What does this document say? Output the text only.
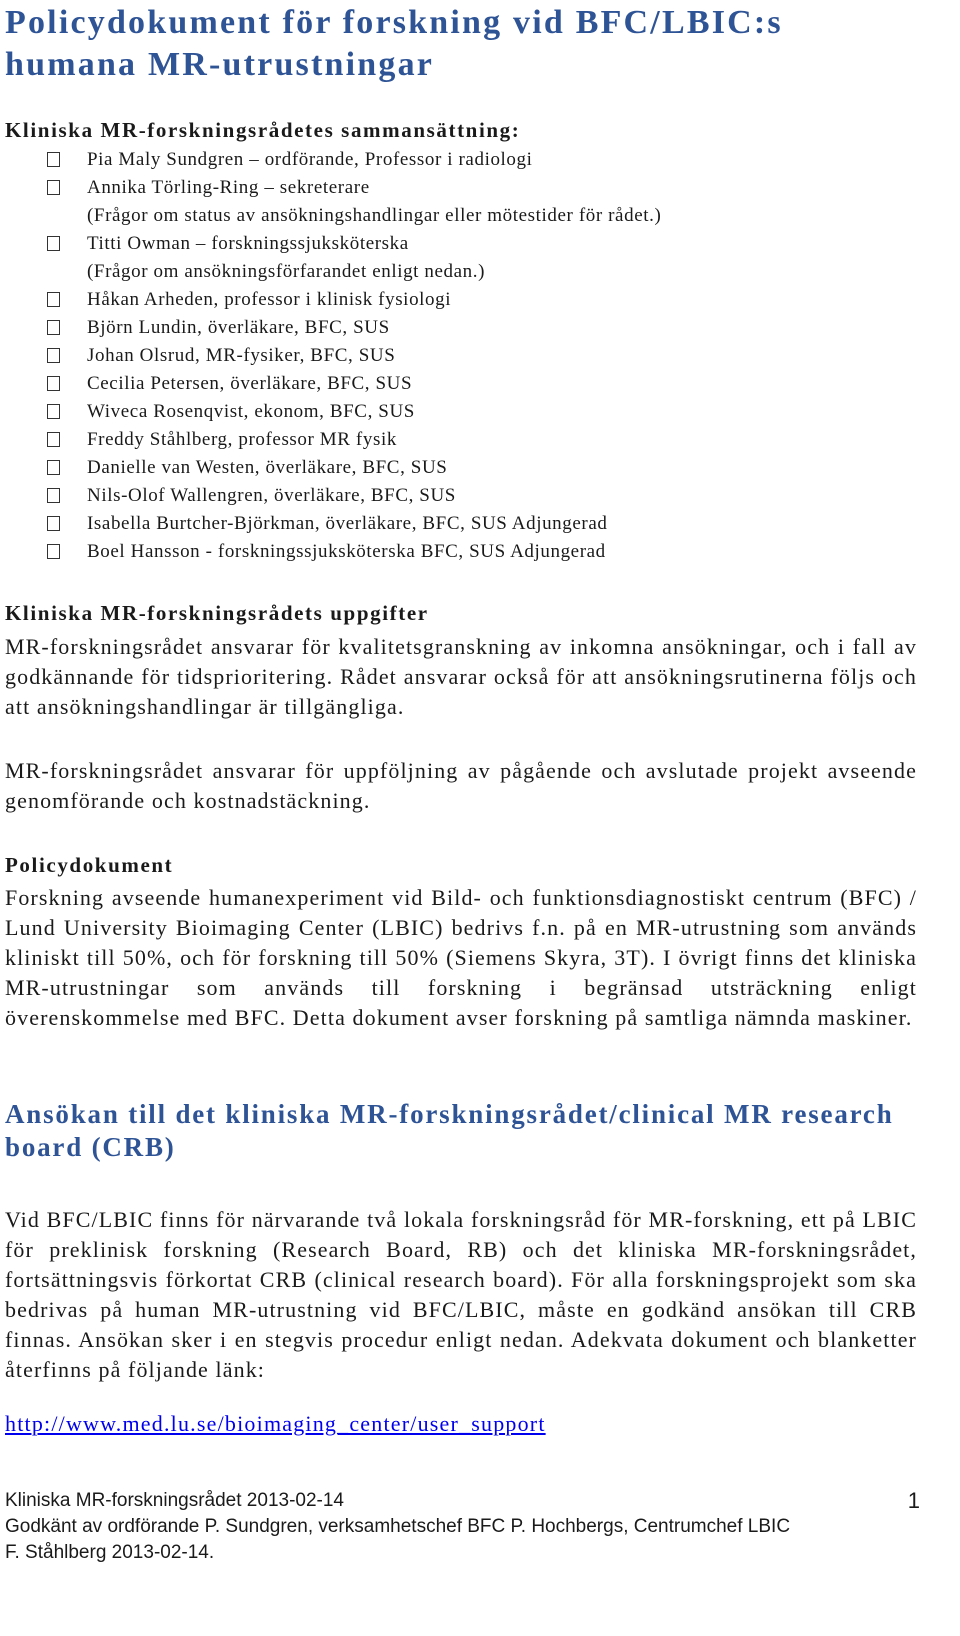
Policydokument för forskning vid BFC/LBIC:s humana MR-utrustningar
Kliniska MR-forskningsrådetes sammansättning:
Pia Maly Sundgren – ordförande, Professor i radiologi
Annika Törling-Ring – sekreterare
(Frågor om status av ansökningshandlingar eller mötestider för rådet.)
Titti Owman – forskningssjuksköterska
(Frågor om ansökningsförfarandet enligt nedan.)
Håkan Arheden, professor i klinisk fysiologi
Björn Lundin, överläkare, BFC, SUS
Johan Olsrud, MR-fysiker, BFC, SUS
Cecilia Petersen, överläkare, BFC, SUS
Wiveca Rosenqvist, ekonom, BFC, SUS
Freddy Ståhlberg, professor MR fysik
Danielle van Westen, överläkare, BFC, SUS
Nils-Olof Wallengren, överläkare, BFC, SUS
Isabella Burtcher-Björkman, överläkare, BFC, SUS Adjungerad
Boel Hansson - forskningssjuksköterska BFC, SUS Adjungerad
Kliniska MR-forskningsrådets uppgifter

MR-forskningsrådet ansvarar för kvalitetsgranskning av inkomna ansökningar, och i fall av godkännande för tidsprioritering. Rådet ansvarar också för att ansökningsrutinerna följs och att ansökningshandlingar är tillgängliga.

MR-forskningsrådet ansvarar för uppföljning av pågående och avslutade projekt avseende genomförande och kostnadstäckning.

Policydokument

Forskning avseende humanexperiment vid Bild- och funktionsdiagnostiskt centrum (BFC) / Lund University Bioimaging Center (LBIC) bedrivs f.n. på en MR-utrustning som används kliniskt till 50%, och för forskning till 50% (Siemens Skyra, 3T). I övrigt finns det kliniska MR-utrustningar som används till forskning i begränsad utsträckning enligt överenskommelse med BFC. Detta dokument avser forskning på samtliga nämnda maskiner.

Ansökan till det kliniska MR-forskningsrådet/clinical MR research board (CRB)

Vid BFC/LBIC finns för närvarande två lokala forskningsråd för MR-forskning, ett på LBIC för preklinisk forskning (Research Board, RB) och det kliniska MR-forskningsrådet, fortsättningsvis förkortat CRB (clinical research board). För alla forskningsprojekt som ska bedrivas på human MR-utrustning vid BFC/LBIC, måste en godkänd ansökan till CRB finnas. Ansökan sker i en stegvis procedur enligt nedan. Adekvata dokument och blanketter återfinns på följande länk:

http://www.med.lu.se/bioimaging_center/user_support
Kliniska MR-forskningsrådet 2013-02-14
Godkänt av ordförande P. Sundgren, verksamhetschef BFC P. Hochbergs, Centrumchef LBIC
F. Ståhlberg 2013-02-14.
1
